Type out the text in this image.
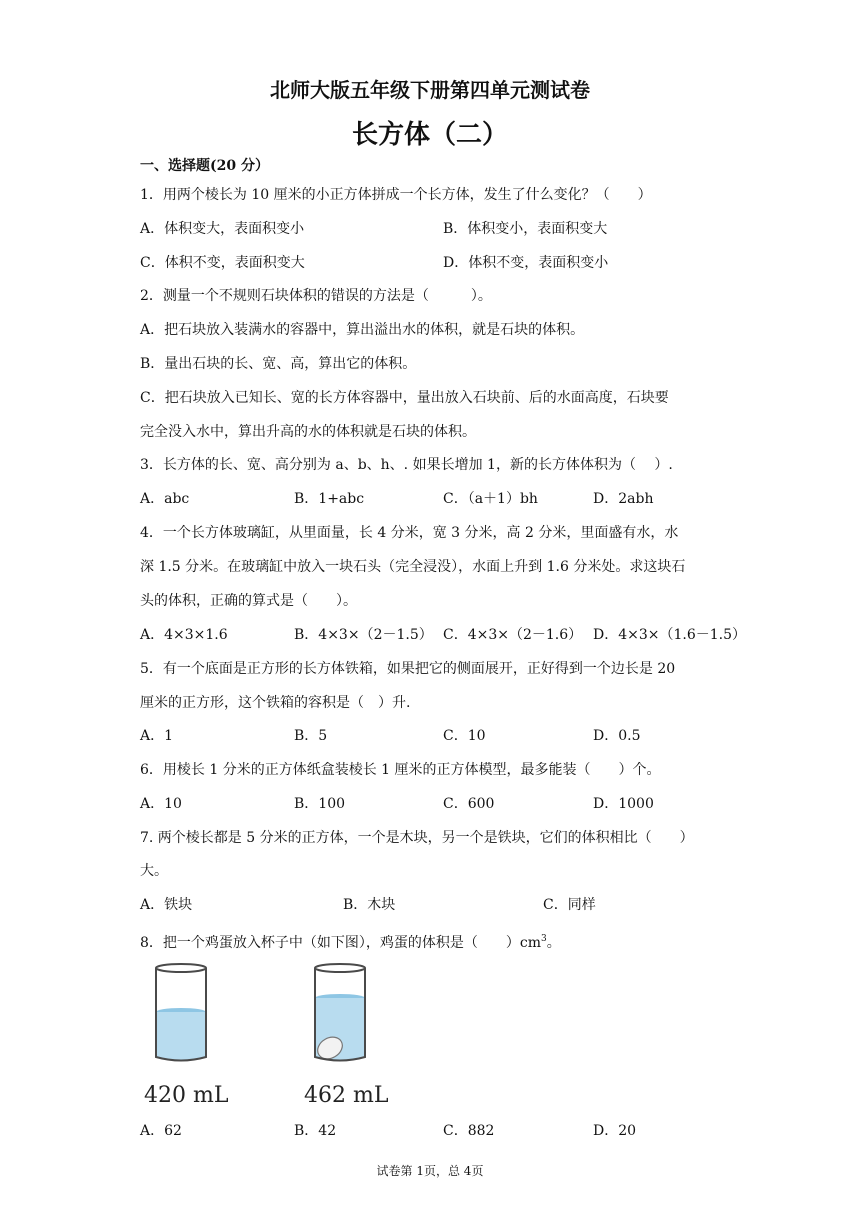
北师大版五年级下册第四单元测试卷
长方体（二）
一、选择题(20 分）
1．用两个棱长为 10 厘米的小正方体拼成一个长方体，发生了什么变化？（　　）
A．体积变大，表面积变小	B．体积变小，表面积变大
C．体积不变，表面积变大	D．体积不变，表面积变小
2．测量一个不规则石块体积的错误的方法是（　　　）。
A．把石块放入装满水的容器中，算出溢出水的体积，就是石块的体积。
B．量出石块的长、宽、高，算出它的体积。
C．把石块放入已知长、宽的长方体容器中，量出放入石块前、后的水面高度，石块要
完全没入水中，算出升高的水的体积就是石块的体积。
3．长方体的长、宽、高分别为 a、b、h、. 如果长增加 1，新的长方体体积为（　 ）.
A．abc	B．1+abc	C．（a＋1）bh	D．2abh
4．一个长方体玻璃缸，从里面量，长 4 分米，宽 3 分米，高 2 分米，里面盛有水，水
深 1.5 分米。在玻璃缸中放入一块石头（完全浸没），水面上升到 1.6 分米处。求这块石
头的体积，正确的算式是（　　）。
A．4×3×1.6	B．4×3×（2－1.5） C．4×3×（2－1.6） D．4×3×（1.6－1.5）
5．有一个底面是正方形的长方体铁箱，如果把它的侧面展开，正好得到一个边长是 20
厘米的正方形，这个铁箱的容积是（　）升.
A．1	B．5	C．10	D．0.5
6．用棱长 1 分米的正方体纸盒装棱长 1 厘米的正方体模型，最多能装（　　）个。
A．10	B．100	C．600	D．1000
7. 两个棱长都是 5 分米的正方体，一个是木块，另一个是铁块，它们的体积相比（　　）
大。
A．铁块	B．木块	C．同样
8．把一个鸡蛋放入杯子中（如下图），鸡蛋的体积是（　　）$cm^3$。
420 mL	462 mL
A．62	B．42	C．882	D．20
试卷第 1页，总 4页
